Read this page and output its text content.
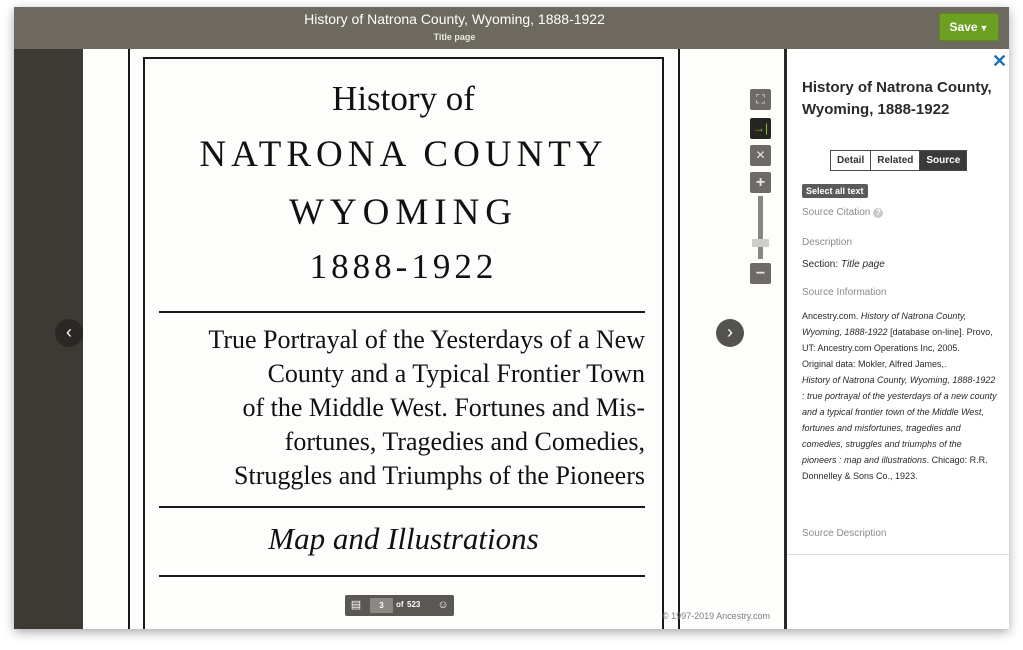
History of Natrona County, Wyoming, 1888-1922
Title page
Save ▼
History of
NATRONA COUNTY
WYOMING
1888-1922
True Portrayal of the Yesterdays of a New
County and a Typical Frontier Town
of the Middle West. Fortunes and Mis-
fortunes, Tragedies and Comedies,
Struggles and Triumphs of the Pioneers
Map and Illustrations
‹	›
⛶
→|
✕
+
−
▤	3	of 523	☺
© 1997-2019 Ancestry.com
✕
History of Natrona County, Wyoming, 1888-1922
Detail	Related	Source
Select all text
Source Citation ?
Description
Section: Title page
Source Information
Ancestry.com. History of Natrona County, Wyoming, 1888-1922 [database on-line]. Provo, UT: Ancestry.com Operations Inc, 2005.
Original data: Mokler, Alfred James,.
History of Natrona County, Wyoming, 1888-1922 : true portrayal of the yesterdays of a new county and a typical frontier town of the Middle West, fortunes and misfortunes, tragedies and comedies, struggles and triumphs of the pioneers : map and illustrations. Chicago: R.R. Donnelley & Sons Co., 1923.
Source Description
